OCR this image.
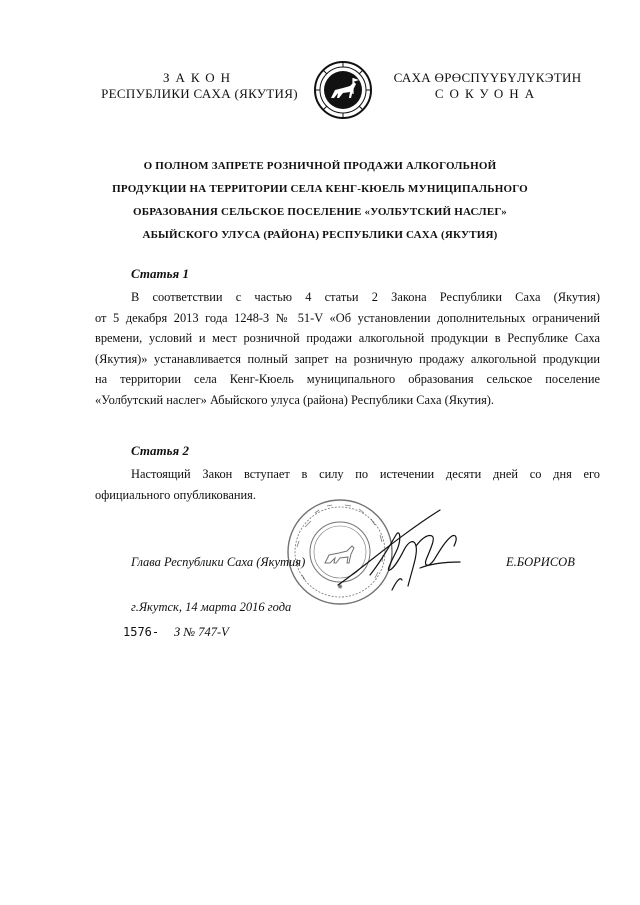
ЗАКОН
РЕСПУБЛИКИ САХА (ЯКУТИЯ)
САХА ӨРӨСПҮҮБҮЛҮКЭТИН
СОКУОНА
О ПОЛНОМ ЗАПРЕТЕ РОЗНИЧНОЙ ПРОДАЖИ АЛКОГОЛЬНОЙ
ПРОДУКЦИИ НА ТЕРРИТОРИИ СЕЛА КЕНГ-КЮЕЛЬ МУНИЦИПАЛЬНОГО
ОБРАЗОВАНИЯ СЕЛЬСКОЕ ПОСЕЛЕНИЕ «УОЛБУТСКИЙ НАСЛЕГ»
АБЫЙСКОГО УЛУСА (РАЙОНА) РЕСПУБЛИКИ САХА (ЯКУТИЯ)
Статья 1
В соответствии с частью 4 статьи 2 Закона Республики Саха (Якутия)
от 5 декабря 2013 года 1248-З № 51-V «Об установлении дополнительных ограничений
времени, условий и мест розничной продажи алкогольной продукции в Республике Саха
(Якутия)» устанавливается полный запрет на розничную продажу алкогольной продукции
на территории села Кенг-Кюель муниципального образования сельское поселение
«Уолбутский наслег» Абыйского улуса (района) Республики Саха (Якутия).
Статья 2
Настоящий Закон вступает в силу по истечении десяти дней со дня его
официального опубликования.
✸
Глава Республики Саха (Якутия)	Е.БОРИСОВ
г.Якутск, 14 марта 2016 года
1576- З № 747-V
